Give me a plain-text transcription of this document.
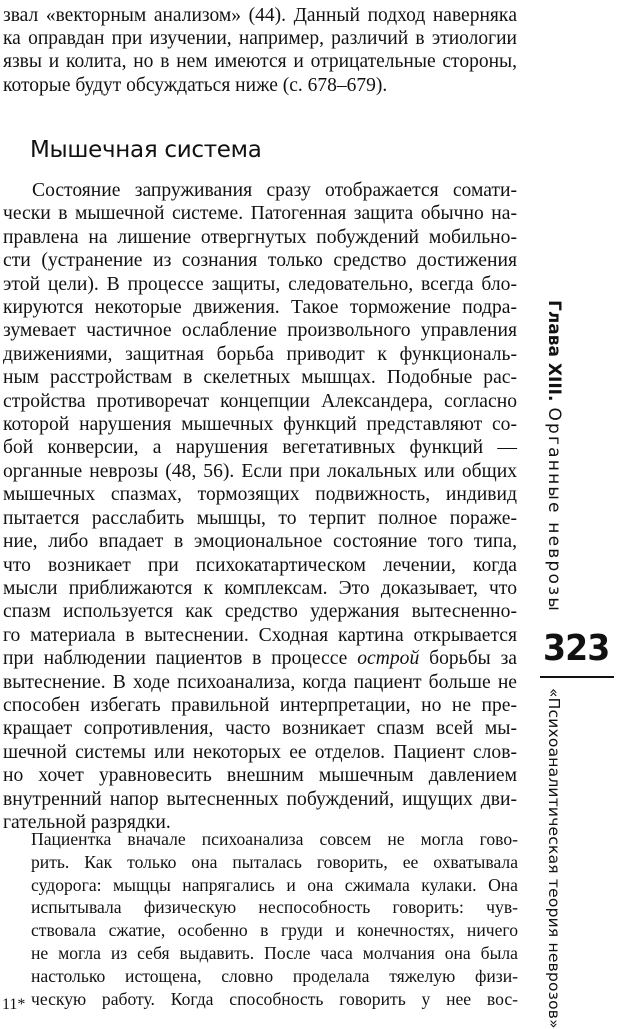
звал «векторным анализом» (44). Данный подход навернякa
ка оправдан при изучении, например, различий в этиологии
язвы и колита, но в нем имеются и отрицательные стороны,
которые будут обсуждаться ниже (с. 678–679).
Мышечная система
Состояние запруживания сразу отображается сомати-
чески в мышечной системе. Патогенная защита обычно на-
правлена на лишение отвергнутых побуждений мобильно-
сти (устранение из сознания только средство достижения
этой цели). В процессе защиты, следовательно, всегда бло-
кируются некоторые движения. Такое торможение подра-
зумевает частичное ослабление произвольного управления
движениями, защитная борьба приводит к функциональ-
ным расстройствам в скелетных мышцах. Подобные рас-
стройства противоречат концепции Александера, согласно
которой нарушения мышечных функций представляют со-
бой конверсии, а нарушения вегетативных функций —
органные неврозы (48, 56). Если при локальных или общих
мышечных спазмах, тормозящих подвижность, индивид
пытается расслабить мышцы, то терпит полное пораже-
ние, либо впадает в эмоциональное состояние того типа,
что возникает при психокатартическом лечении, когда
мысли приближаются к комплексам. Это доказывает, что
спазм используется как средство удержания вытесненно-
го материала в вытеснении. Сходная картина открывается
при наблюдении пациентов в процессе острой борьбы за
вытеснение. В ходе психоанализа, когда пациент больше не
способен избегать правильной интерпретации, но не пре-
кращает сопротивления, часто возникает спазм всей мы-
шечной системы или некоторых ее отделов. Пациент слов-
но хочет уравновесить внешним мышечным давлением
внутренний напор вытесненных побуждений, ищущих дви-
гательной разрядки.
Пациентка вначале психоанализа совсем не могла гово-
рить. Как только она пыталась говорить, ее охватывала
судорога: мыщцы напрягались и она сжимала кулаки. Она
испытывала физическую неспособность говорить: чув-
ствовала сжатие, особенно в груди и конечностях, ничего
не могла из себя выдавить. После часа молчания она была
настолько истощена, словно проделала тяжелую физи-
ческую работу. Когда способность говорить у нее вос-
11*
Глава XIII.Органные неврозы
323
«Психоаналитическая теория неврозов»
